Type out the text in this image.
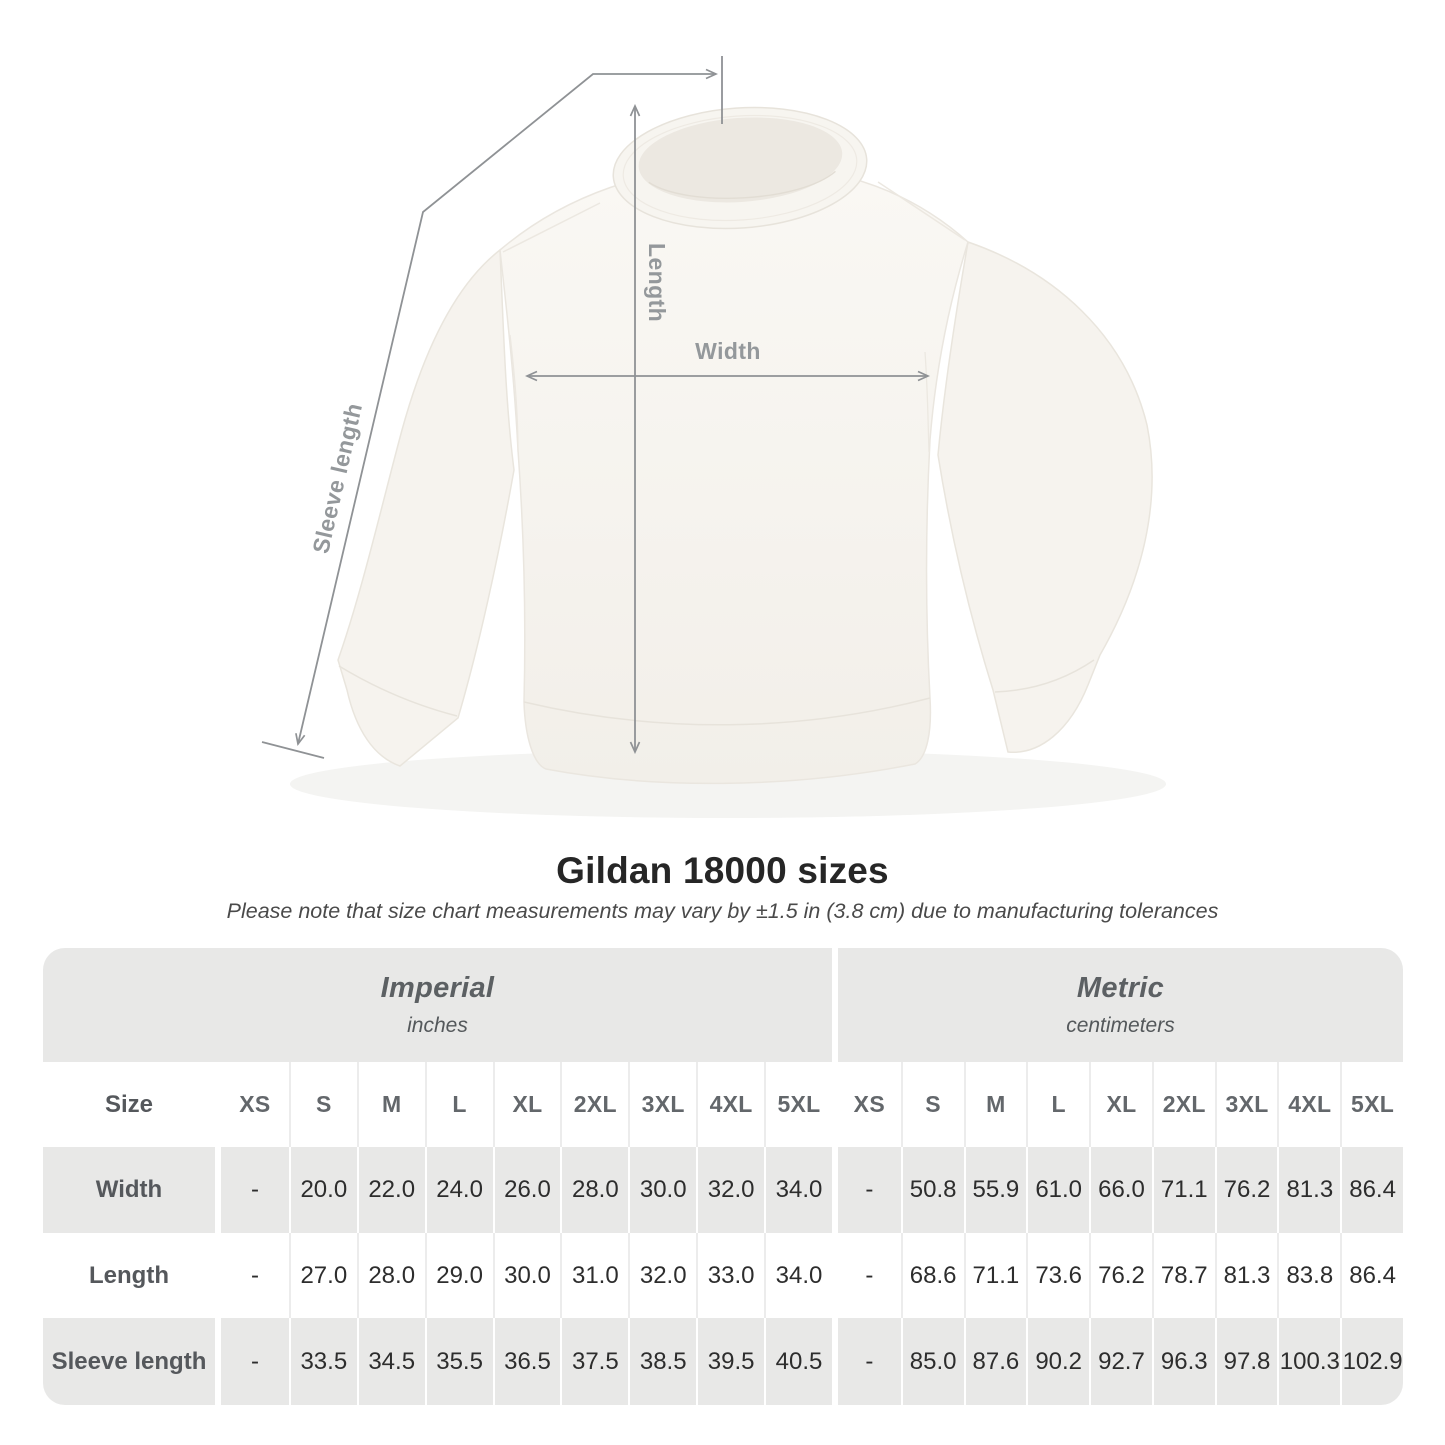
Length
Width
Sleeve length
Gildan 18000 sizes
Please note that size chart measurements may vary by ±1.5 in (3.8 cm) due to manufacturing tolerances
Imperial
inches
Metric
centimeters
Size	XS	S	M	L	XL	2XL	3XL	4XL	5XL	XS	S	M	L	XL	2XL 3XL 4XL 5XL
Width	-	20.0 22.0 24.0 26.0 28.0 30.0 32.0 34.0	-	50.8 55.9 61.0 66.0 71.1 76.2 81.3 86.4
Length	-	27.0 28.0 29.0 30.0 31.0 32.0 33.0 34.0	-	68.6 71.1 73.6 76.2 78.7 81.3 83.8 86.4
Sleeve length	-	33.5 34.5 35.5 36.5 37.5 38.5 39.5 40.5	-	85.0 87.6 90.2 92.7 96.3 97.8 100.3 102.9
